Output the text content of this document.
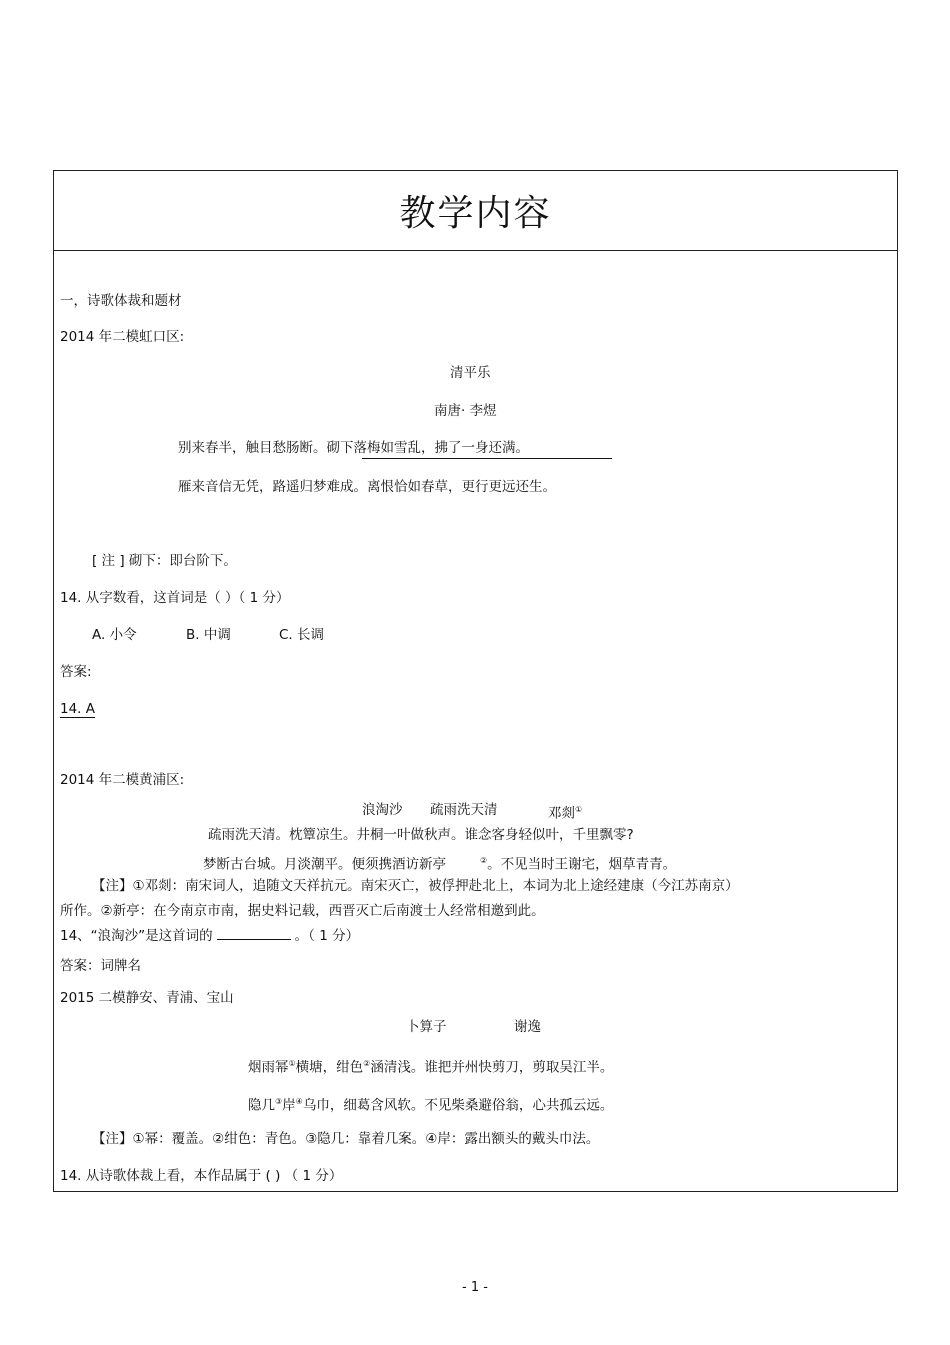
教学内容
一，诗歌体裁和题材
2014 年二模虹口区:
清平乐
南唐· 李煜
别来春半，触目愁肠断。砌下落梅如雪乱，拂了一身还满。
雁来音信无凭，路遥归梦难成。离恨恰如春草，更行更远还生。
[ 注 ] 砌下：即台阶下。
14. 从字数看，这首词是（ ）（ 1 分）
A. 小令	B. 中调	C. 长调
答案:
14. A
2014 年二模黄浦区:
浪淘沙 疏雨洗天清	邓剡①
疏雨洗天清。枕簟凉生。井桐一叶做秋声。谁念客身轻似叶，千里飘零?
梦断古台城。月淡潮平。便须携酒访新亭	②。不见当时王谢宅，烟草青青。
【注】①邓剡：南宋词人，追随文天祥抗元。南宋灭亡，被俘押赴北上，本词为北上途经建康（今江苏南京）
所作。②新亭：在今南京市南，据史料记载，西晋灭亡后南渡士人经常相邀到此。
14、“浪淘沙”是这首词的	。（ 1 分）
答案：词牌名
2015 二模静安、青浦、宝山
卜算子	谢逸
烟雨幂①横塘，绀色②涵清浅。谁把并州快剪刀，剪取吴江半。
隐几③岸④乌巾，细葛含风软。不见柴桑避俗翁，心共孤云远。
【注】①幂：覆盖。②绀色：青色。③隐几：靠着几案。④岸：露出额头的戴头巾法。
14. 从诗歌体裁上看，本作品属于 ( ) （ 1 分）
- 1 -
